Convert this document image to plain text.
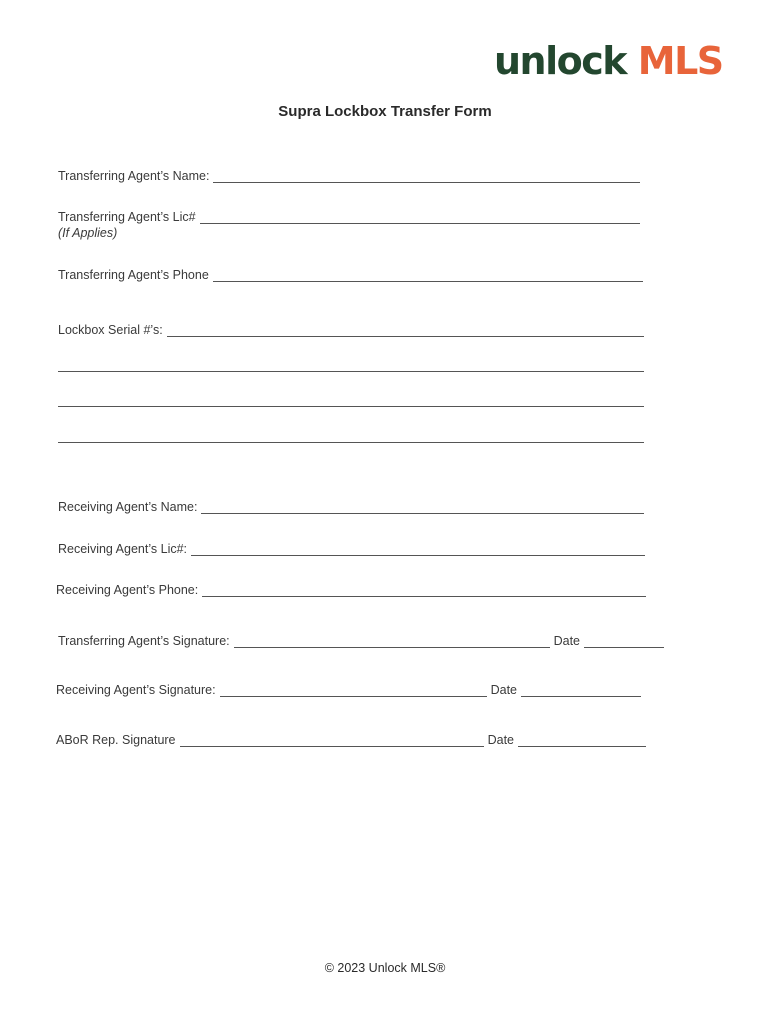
unlock MLS
Supra Lockbox Transfer Form
Transferring Agent’s Name:
Transferring Agent’s Lic#
(If Applies)
Transferring Agent’s Phone
Lockbox Serial #’s:
Receiving Agent’s Name:
Receiving Agent’s Lic#:
Receiving Agent’s Phone:
Transferring Agent’s Signature:	Date
Receiving Agent’s Signature:	Date
ABoR Rep. Signature	Date
© 2023 Unlock MLS®
